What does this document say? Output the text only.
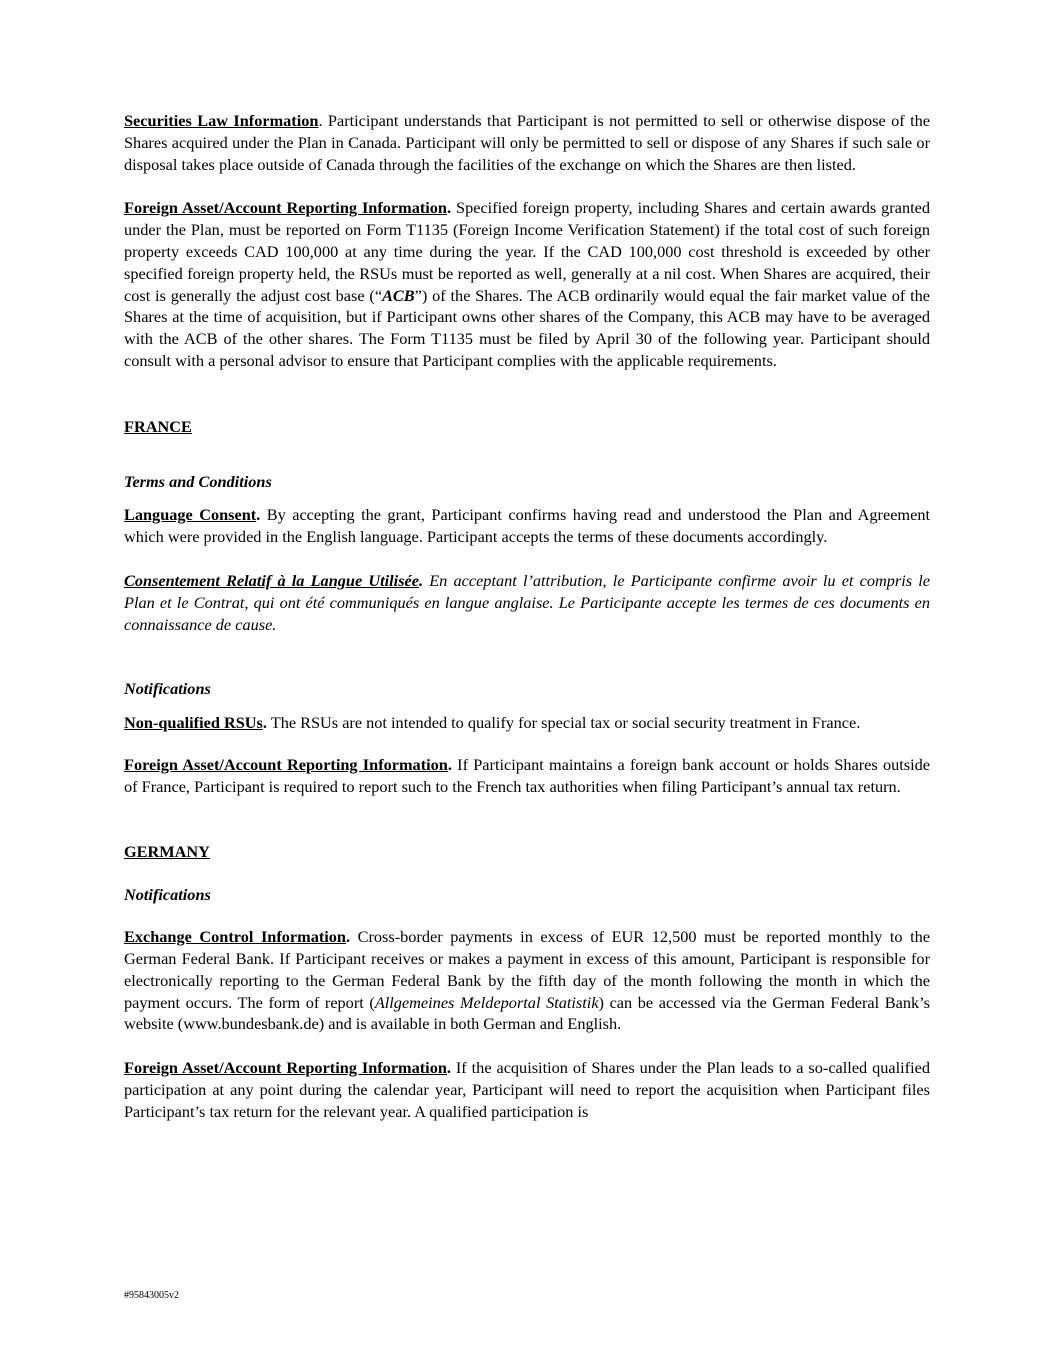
Securities Law Information. Participant understands that Participant is not permitted to sell or otherwise dispose of the Shares acquired under the Plan in Canada. Participant will only be permitted to sell or dispose of any Shares if such sale or disposal takes place outside of Canada through the facilities of the exchange on which the Shares are then listed.

Foreign Asset/Account Reporting Information. Specified foreign property, including Shares and certain awards granted under the Plan, must be reported on Form T1135 (Foreign Income Verification Statement) if the total cost of such foreign property exceeds CAD 100,000 at any time during the year. If the CAD 100,000 cost threshold is exceeded by other specified foreign property held, the RSUs must be reported as well, generally at a nil cost. When Shares are acquired, their cost is generally the adjust cost base (“ACB”) of the Shares. The ACB ordinarily would equal the fair market value of the Shares at the time of acquisition, but if Participant owns other shares of the Company, this ACB may have to be averaged with the ACB of the other shares. The Form T1135 must be filed by April 30 of the following year. Participant should consult with a personal advisor to ensure that Participant complies with the applicable requirements.

FRANCE

Terms and Conditions

Language Consent. By accepting the grant, Participant confirms having read and understood the Plan and Agreement which were provided in the English language. Participant accepts the terms of these documents accordingly.

Consentement Relatif à la Langue Utilisée. En acceptant l’attribution, le Participante confirme avoir lu et compris le Plan et le Contrat, qui ont été communiqués en langue anglaise. Le Participante accepte les termes de ces documents en connaissance de cause.

Notifications

Non-qualified RSUs. The RSUs are not intended to qualify for special tax or social security treatment in France.

Foreign Asset/Account Reporting Information. If Participant maintains a foreign bank account or holds Shares outside of France, Participant is required to report such to the French tax authorities when filing Participant’s annual tax return.

GERMANY

Notifications

Exchange Control Information. Cross-border payments in excess of EUR 12,500 must be reported monthly to the German Federal Bank. If Participant receives or makes a payment in excess of this amount, Participant is responsible for electronically reporting to the German Federal Bank by the fifth day of the month following the month in which the payment occurs. The form of report (Allgemeines Meldeportal Statistik) can be accessed via the German Federal Bank’s website (www.bundesbank.de) and is available in both German and English.

Foreign Asset/Account Reporting Information. If the acquisition of Shares under the Plan leads to a so-called qualified participation at any point during the calendar year, Participant will need to report the acquisition when Participant files Participant’s tax return for the relevant year. A qualified participation is

#95843005v2
